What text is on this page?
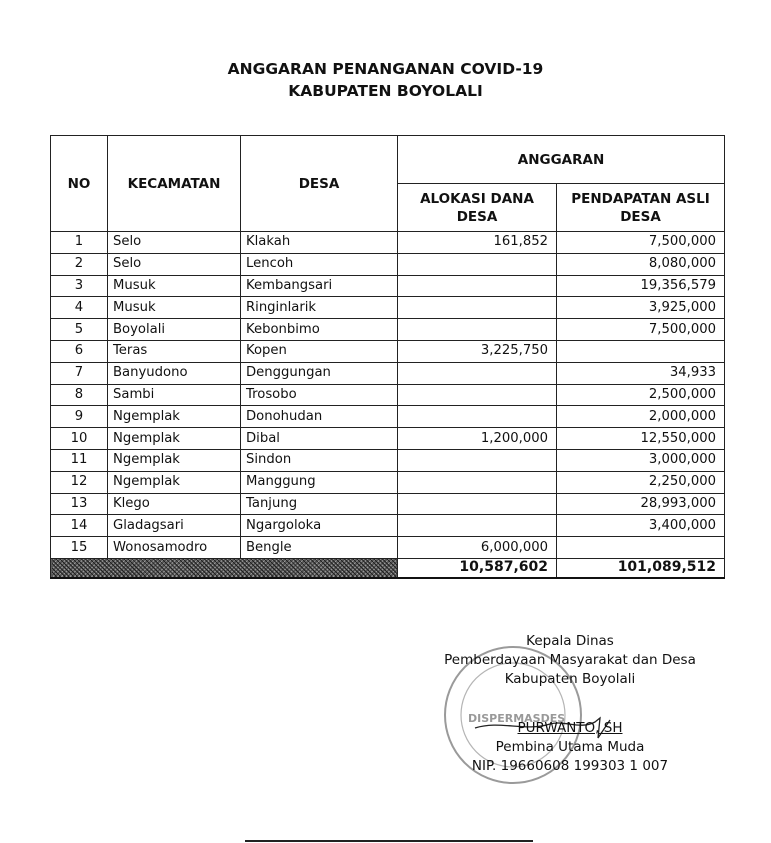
ANGGARAN PENANGANAN COVID-19
KABUPATEN BOYOLALI
NO	KECAMATAN	DESA	ANGGARAN	
			ALOKASI DANA DESA	PENDAPATAN ASLI DESA
1	Selo	Klakah	161,852	7,500,000
2	Selo	Lencoh		8,080,000
3	Musuk	Kembangsari		19,356,579
4	Musuk	Ringinlarik		3,925,000
5	Boyolali	Kebonbimo		7,500,000
6	Teras	Kopen	3,225,750	
7	Banyudono	Denggungan		34,933
8	Sambi	Trosobo		2,500,000
9	Ngemplak	Donohudan		2,000,000
10	Ngemplak	Dibal	1,200,000	12,550,000
11	Ngemplak	Sindon		3,000,000
12	Ngemplak	Manggung		2,250,000
13	Klego	Tanjung		28,993,000
14	Gladagsari	Ngargoloka		3,400,000
15	Wonosamodro	Bengle	6,000,000	
			10,587,602	101,089,512
DISPERMASDES
Kepala Dinas
Pemberdayaan Masyarakat dan Desa
Kabupaten Boyolali
PURWANTO, SH
Pembina Utama Muda
NIP. 19660608 199303 1 007
